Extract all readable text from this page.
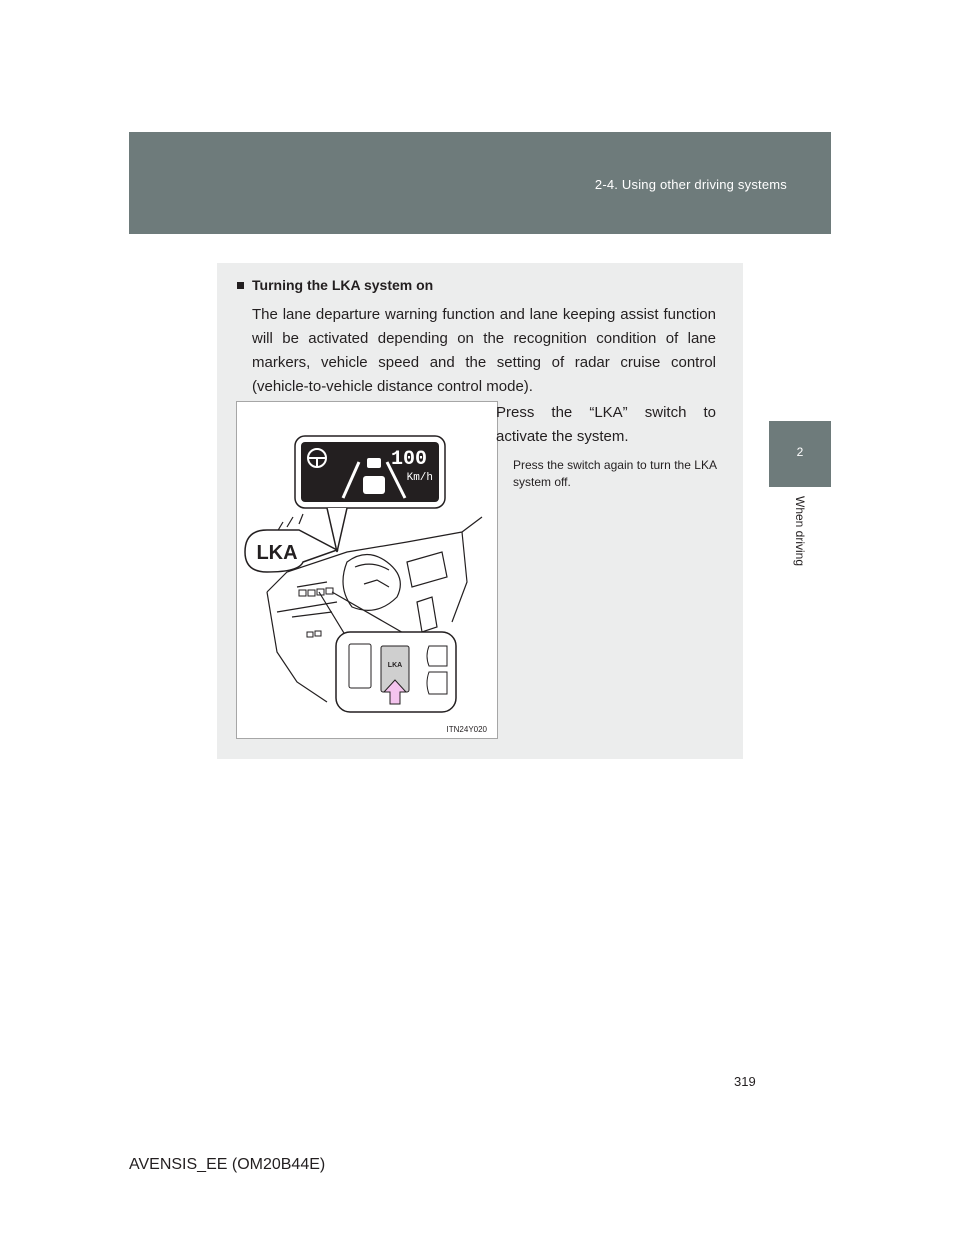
2-4. Using other driving systems
2
When driving
Turning the LKA system on
The lane departure warning function and lane keeping assist function will be activated depending on the recognition condition of lane markers, vehicle speed and the setting of radar cruise control (vehicle-to-vehicle distance control mode).
100
Km/h
LKA
LKA
ITN24Y020
Press the “LKA” switch to activate the system.
Press the switch again to turn the LKA system off.
319
AVENSIS_EE (OM20B44E)
